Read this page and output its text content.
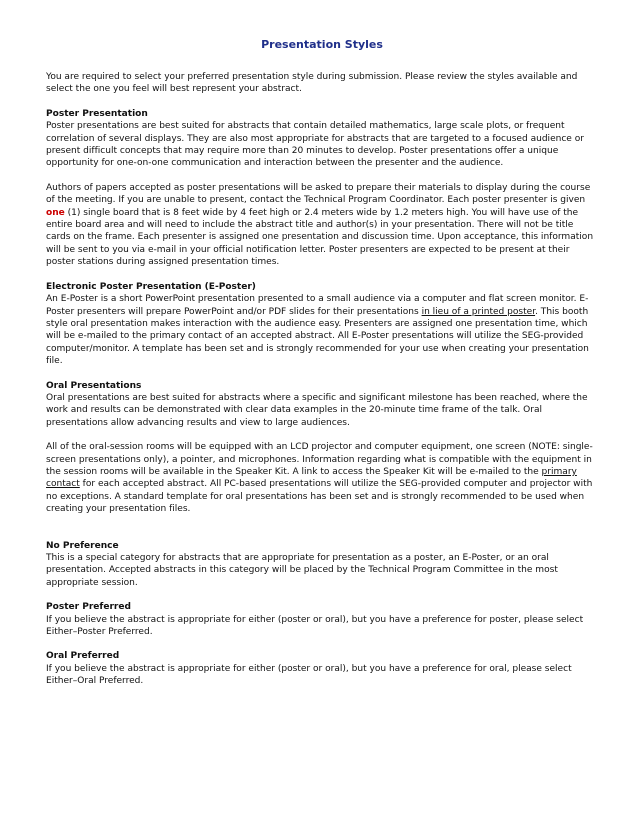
Presentation Styles

You are required to select your preferred presentation style during submission. Please review the styles available and select the one you feel will best represent your abstract.

Poster Presentation

Poster presentations are best suited for abstracts that contain detailed mathematics, large scale plots, or frequent correlation of several displays. They are also most appropriate for abstracts that are targeted to a focused audience or present difficult concepts that may require more than 20 minutes to develop. Poster presentations offer a unique opportunity for one-on-one communication and interaction between the presenter and the audience.

Authors of papers accepted as poster presentations will be asked to prepare their materials to display during the course of the meeting. If you are unable to present, contact the Technical Program Coordinator. Each poster presenter is given one (1) single board that is 8 feet wide by 4 feet high or 2.4 meters wide by 1.2 meters high. You will have use of the entire board area and will need to include the abstract title and author(s) in your presentation. There will not be title cards on the frame. Each presenter is assigned one presentation and discussion time. Upon acceptance, this information will be sent to you via e-mail in your official notification letter. Poster presenters are expected to be present at their poster stations during assigned presentation times.

Electronic Poster Presentation (E-Poster)

An E-Poster is a short PowerPoint presentation presented to a small audience via a computer and flat screen monitor. E-Poster presenters will prepare PowerPoint and/or PDF slides for their presentations in lieu of a printed poster. This booth style oral presentation makes interaction with the audience easy. Presenters are assigned one presentation time, which will be e-mailed to the primary contact of an accepted abstract. All E-Poster presentations will utilize the SEG-provided computer/monitor. A template has been set and is strongly recommended for your use when creating your presentation file.

Oral Presentations

Oral presentations are best suited for abstracts where a specific and significant milestone has been reached, where the work and results can be demonstrated with clear data examples in the 20-minute time frame of the talk. Oral presentations allow advancing results and view to large audiences.

All of the oral-session rooms will be equipped with an LCD projector and computer equipment, one screen (NOTE: single-screen presentations only), a pointer, and microphones. Information regarding what is compatible with the equipment in the session rooms will be available in the Speaker Kit. A link to access the Speaker Kit will be e-mailed to the primary contact for each accepted abstract. All PC-based presentations will utilize the SEG-provided computer and projector with no exceptions. A standard template for oral presentations has been set and is strongly recommended to be used when creating your presentation files.

No Preference

This is a special category for abstracts that are appropriate for presentation as a poster, an E-Poster, or an oral presentation. Accepted abstracts in this category will be placed by the Technical Program Committee in the most appropriate session.

Poster Preferred

If you believe the abstract is appropriate for either (poster or oral), but you have a preference for poster, please select Either–Poster Preferred.

Oral Preferred

If you believe the abstract is appropriate for either (poster or oral), but you have a preference for oral, please select Either–Oral Preferred.
